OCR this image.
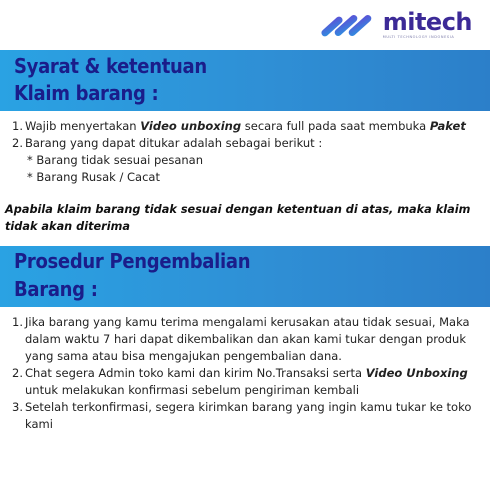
mitech
MULTI TECHNOLOGY INDONESIA
Syarat & ketentuan
Klaim barang :
1. Wajib menyertakan Video unboxing secara full pada saat membuka Paket
2. Barang yang dapat ditukar adalah sebagai berikut :
* Barang tidak sesuai pesanan
* Barang Rusak / Cacat
Apabila klaim barang tidak sesuai dengan ketentuan di atas, maka klaim tidak akan diterima
Prosedur Pengembalian
Barang :
1. Jika barang yang kamu terima mengalami kerusakan atau tidak sesuai, Maka dalam waktu 7 hari dapat dikembalikan dan akan kami tukar dengan produk yang sama atau bisa mengajukan pengembalian dana.
2. Chat segera Admin toko kami dan kirim No.Transaksi serta Video Unboxing untuk melakukan konfirmasi sebelum pengiriman kembali
3. Setelah terkonfirmasi, segera kirimkan barang yang ingin kamu tukar ke toko kami
